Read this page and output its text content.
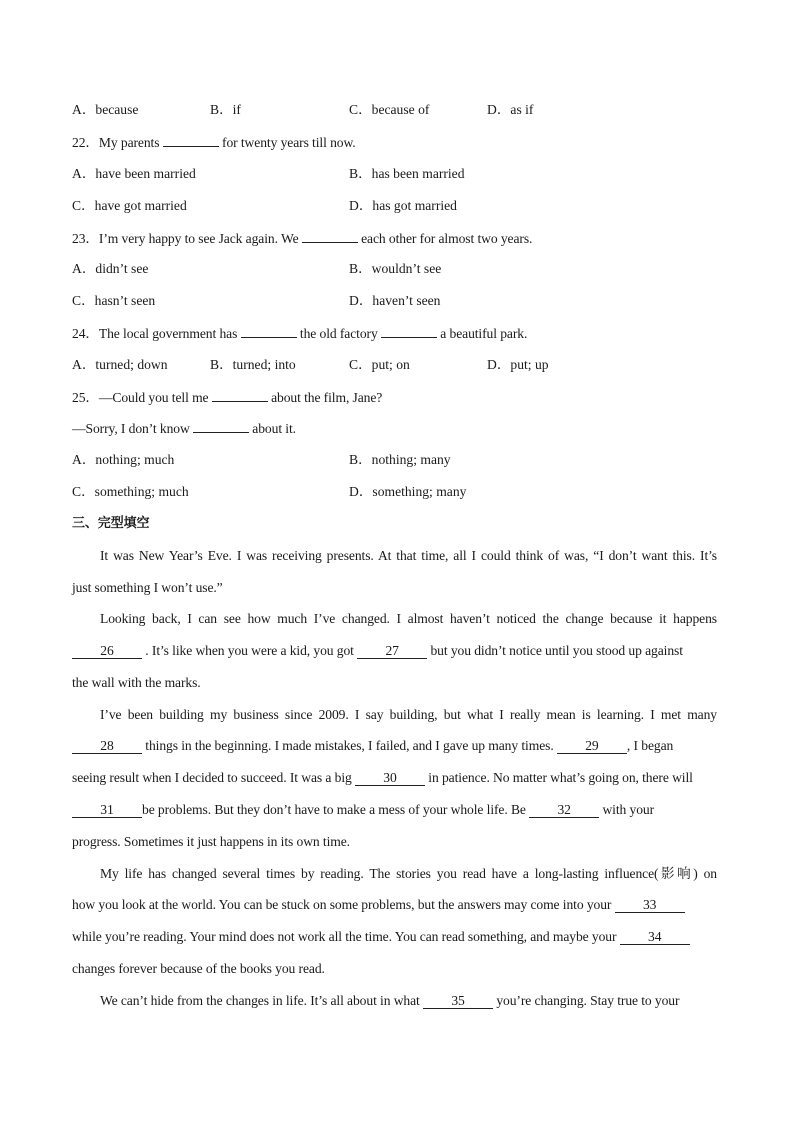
A．because	B．if	C．because of	D．as if
22．My parents	for twenty years till now.
A．have been married	B．has been married
C．have got married	D．has got married
23．I’m very happy to see Jack again. We	each other for almost two years.
A．didn’t see	B．wouldn’t see
C．hasn’t seen	D．haven’t seen
24．The local government has	the old factory	a beautiful park.
A．turned; down	B．turned; into	C．put; on	D．put; up
25．—Could you tell me	about the film, Jane?
—Sorry, I don’t know	about it.
A．nothing; much	B．nothing; many
C．something; much	D．something; many
三、完型填空
It was New Year’s Eve. I was receiving presents. At that time, all I could think of was, “I don’t want this. It’s
just something I won’t use.”
Looking back, I can see how much I’ve changed. I almost haven’t noticed the change because it happens
26 . It’s like when you were a kid, you got 27 but you didn’t notice until you stood up against
the wall with the marks.
I’ve been building my business since 2009. I say building, but what I really mean is learning. I met many
28 things in the beginning. I made mistakes, I failed, and I gave up many times. 29 , I began
seeing result when I decided to succeed. It was a big 30 in patience. No matter what’s going on, there will
31 be problems. But they don’t have to make a mess of your whole life. Be 32 with your
progress. Sometimes it just happens in its own time.
My life has changed several times by reading. The stories you read have a long-lasting influence(影响) on
how you look at the world. You can be stuck on some problems, but the answers may come into your 33
while you’re reading. Your mind does not work all the time. You can read something, and maybe your 34
changes forever because of the books you read.
We can’t hide from the changes in life. It’s all about in what 35 you’re changing. Stay true to your
